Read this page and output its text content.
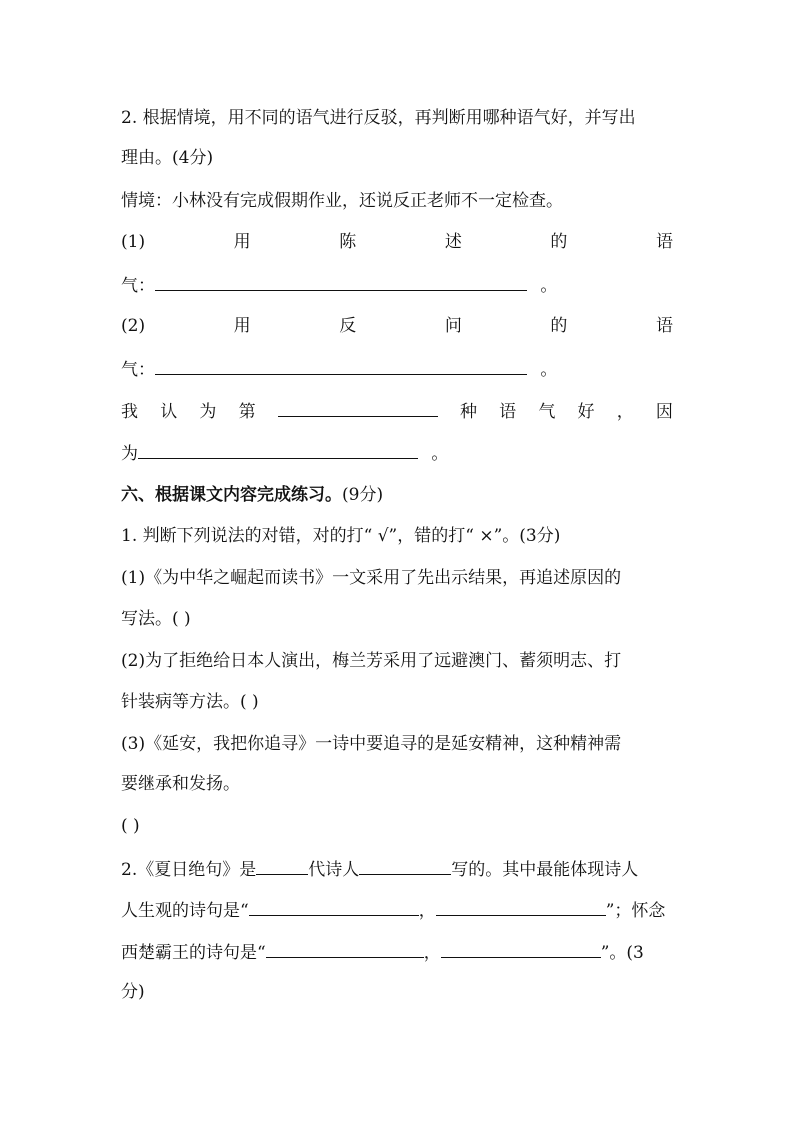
2. 根据情境，用不同的语气进行反驳，再判断用哪种语气好，并写出
理由。(4分)
情境：小林没有完成假期作业，还说反正老师不一定检查。
(1)	用	陈	述	的	语
气：	。
(2)	用	反	问	的	语
气：	。
我 认 为 第	种 语 气 好 ， 因
为	。
六、根据课文内容完成练习。(9分)
1. 判断下列说法的对错，对的打“ √”，错的打“ ×”。(3分)
(1)《为中华之崛起而读书》一文采用了先出示结果，再追述原因的
写法。( )
(2)为了拒绝给日本人演出，梅兰芳采用了远避澳门、蓄须明志、打
针装病等方法。( )
(3)《延安，我把你追寻》一诗中要追寻的是延安精神，这种精神需
要继承和发扬。
( )
2.《夏日绝句》是	代诗人	写的。其中最能体现诗人
人生观的诗句是“	，	”；怀念
西楚霸王的诗句是“	，	”。(3
分)
